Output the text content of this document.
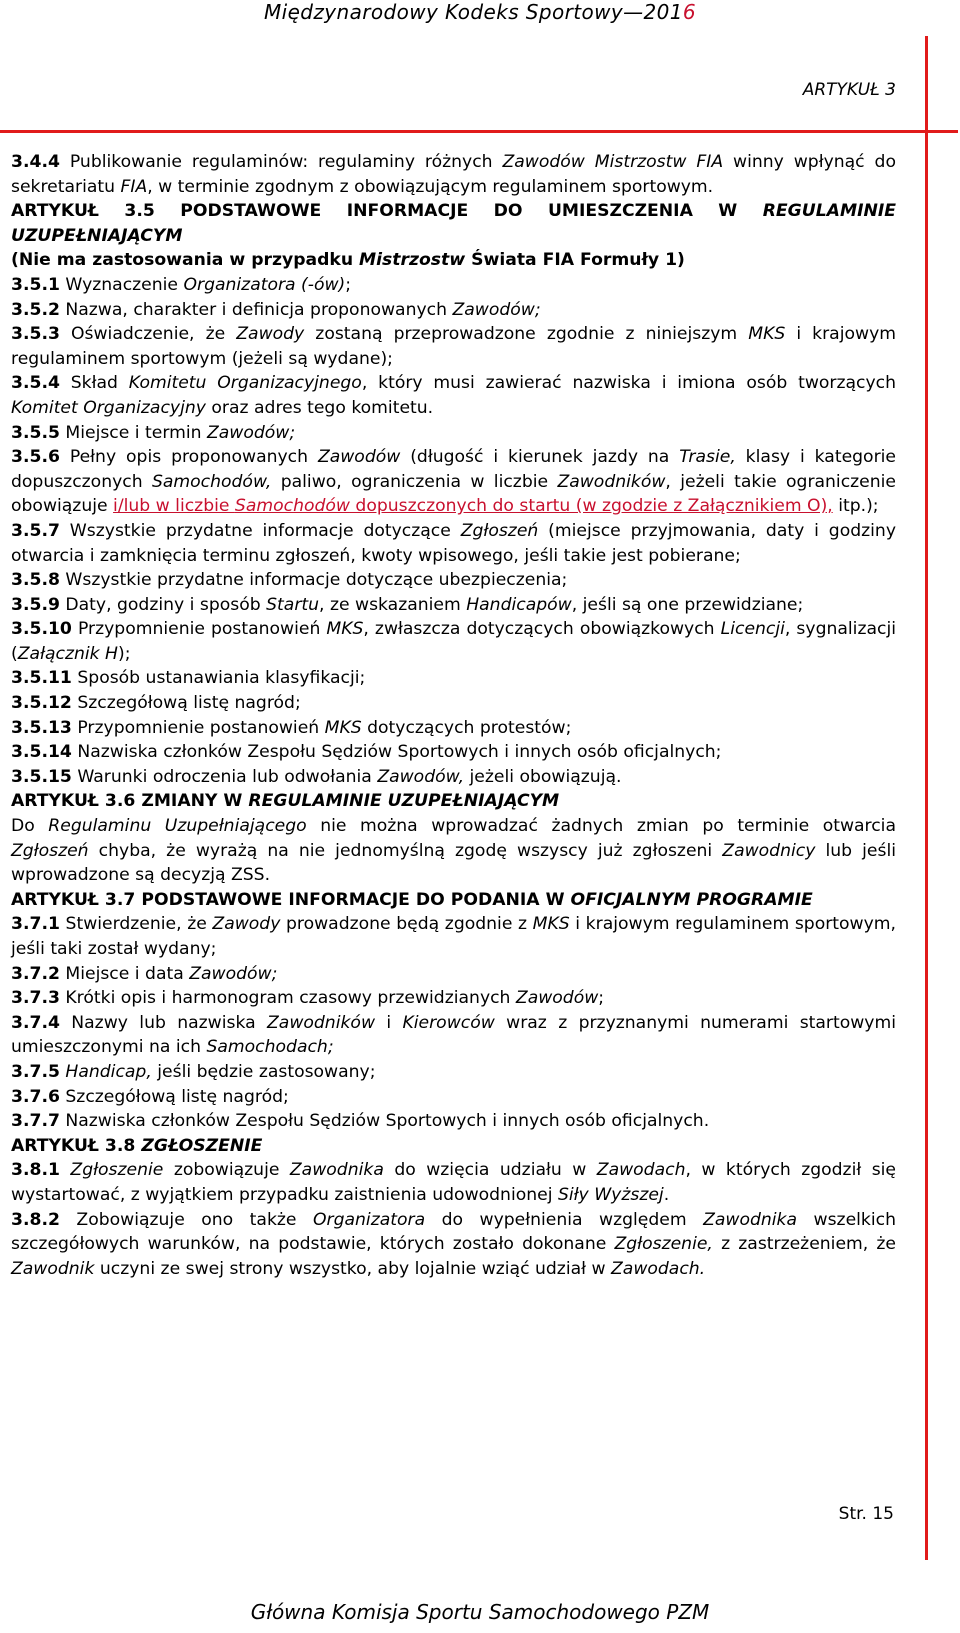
Międzynarodowy Kodeks Sportowy—2016
ARTYKUŁ 3

3.4.4 Publikowanie regulaminów: regulaminy różnych Zawodów Mistrzostw FIA winny wpłynąć do sekretariatu FIA, w terminie zgodnym z obowiązującym regulaminem sportowym.

ARTYKUŁ 3.5 PODSTAWOWE INFORMACJE DO UMIESZCZENIA W REGULAMINIE UZUPEŁNIAJĄCYM

(Nie ma zastosowania w przypadku Mistrzostw Świata FIA Formuły 1)

3.5.1 Wyznaczenie Organizatora (-ów);

3.5.2 Nazwa, charakter i definicja proponowanych Zawodów;

3.5.3 Oświadczenie, że Zawody zostaną przeprowadzone zgodnie z niniejszym MKS i krajowym regulaminem sportowym (jeżeli są wydane);

3.5.4 Skład Komitetu Organizacyjnego, który musi zawierać nazwiska i imiona osób tworzących Komitet Organizacyjny oraz adres tego komitetu.

3.5.5 Miejsce i termin Zawodów;

3.5.6 Pełny opis proponowanych Zawodów (długość i kierunek jazdy na Trasie, klasy i kategorie dopuszczonych Samochodów, paliwo, ograniczenia w liczbie Zawodników, jeżeli takie ograniczenie obowiązuje i/lub w liczbie Samochodów dopuszczonych do startu (w zgodzie z Załącznikiem O), itp.);

3.5.7 Wszystkie przydatne informacje dotyczące Zgłoszeń (miejsce przyjmowania, daty i godziny otwarcia i zamknięcia terminu zgłoszeń, kwoty wpisowego, jeśli takie jest pobierane;

3.5.8 Wszystkie przydatne informacje dotyczące ubezpieczenia;

3.5.9 Daty, godziny i sposób Startu, ze wskazaniem Handicapów, jeśli są one przewidziane;

3.5.10 Przypomnienie postanowień MKS, zwłaszcza dotyczących obowiązkowych Licencji, sygnalizacji (Załącznik H);

3.5.11 Sposób ustanawiania klasyfikacji;

3.5.12 Szczegółową listę nagród;

3.5.13 Przypomnienie postanowień MKS dotyczących protestów;

3.5.14 Nazwiska członków Zespołu Sędziów Sportowych i innych osób oficjalnych;

3.5.15 Warunki odroczenia lub odwołania Zawodów, jeżeli obowiązują.

ARTYKUŁ 3.6 ZMIANY W REGULAMINIE UZUPEŁNIAJĄCYM

Do Regulaminu Uzupełniającego nie można wprowadzać żadnych zmian po terminie otwarcia Zgłoszeń chyba, że wyrażą na nie jednomyślną zgodę wszyscy już zgłoszeni Zawodnicy lub jeśli wprowadzone są decyzją ZSS.

ARTYKUŁ 3.7 PODSTAWOWE INFORMACJE DO PODANIA W OFICJALNYM PROGRAMIE

3.7.1 Stwierdzenie, że Zawody prowadzone będą zgodnie z MKS i krajowym regulaminem sportowym, jeśli taki został wydany;

3.7.2 Miejsce i data Zawodów;

3.7.3 Krótki opis i harmonogram czasowy przewidzianych Zawodów;

3.7.4 Nazwy lub nazwiska Zawodników i Kierowców wraz z przyznanymi numerami startowymi umieszczonymi na ich Samochodach;

3.7.5 Handicap, jeśli będzie zastosowany;

3.7.6 Szczegółową listę nagród;

3.7.7 Nazwiska członków Zespołu Sędziów Sportowych i innych osób oficjalnych.

ARTYKUŁ 3.8 ZGŁOSZENIE

3.8.1 Zgłoszenie zobowiązuje Zawodnika do wzięcia udziału w Zawodach, w których zgodził się wystartować, z wyjątkiem przypadku zaistnienia udowodnionej Siły Wyższej.

3.8.2 Zobowiązuje ono także Organizatora do wypełnienia względem Zawodnika wszelkich szczegółowych warunków, na podstawie, których zostało dokonane Zgłoszenie, z zastrzeżeniem, że Zawodnik uczyni ze swej strony wszystko, aby lojalnie wziąć udział w Zawodach.

Str. 15
Główna Komisja Sportu Samochodowego PZM
